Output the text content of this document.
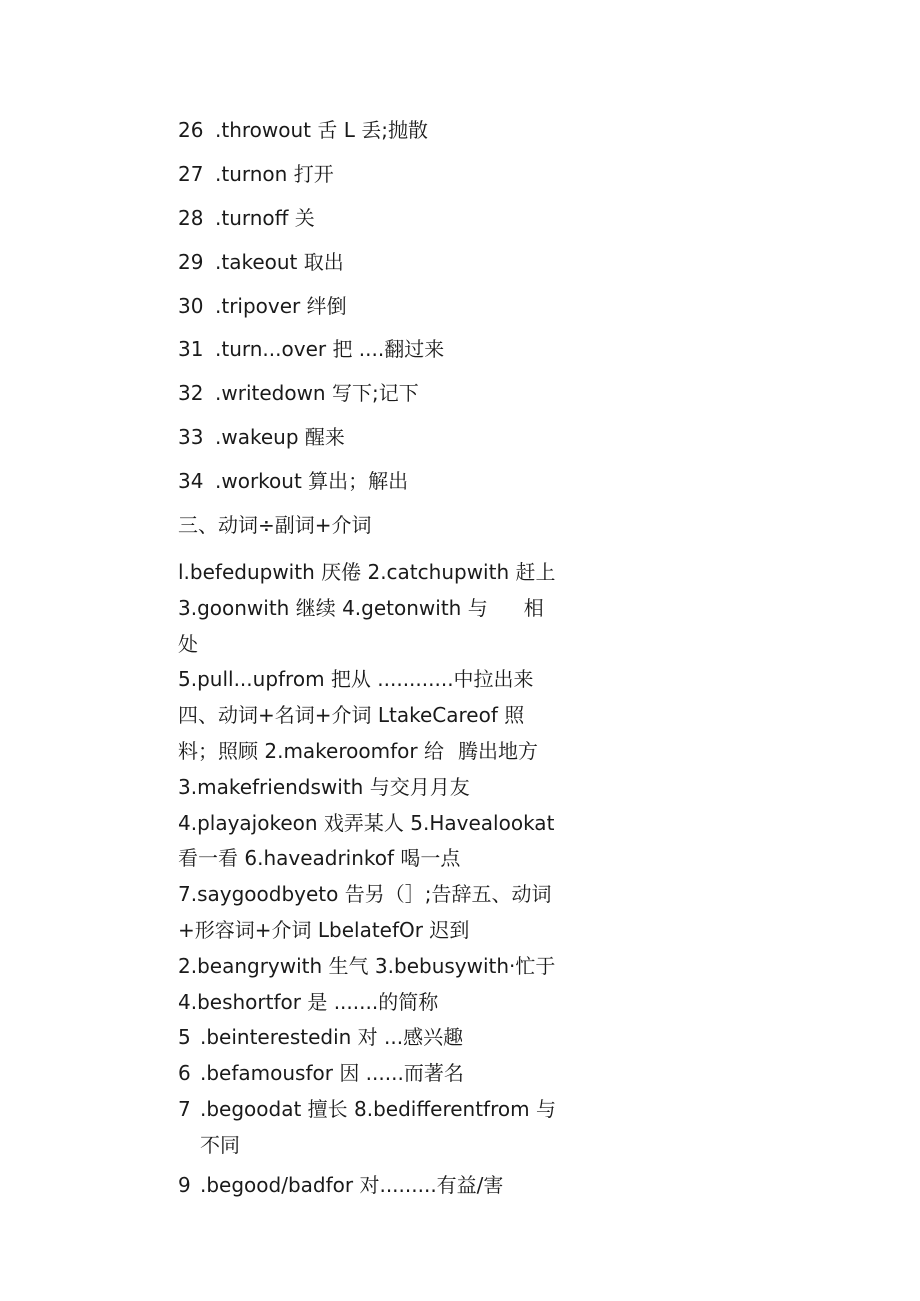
26 .throwout 舌 L 丢;抛散
27 .turnon 打开
28 .turnoff 关
29 .takeout 取出
30 .tripover 绊倒
31 .turn...over 把 ....翻过来
32 .writedown 写下;记下
33 .wakeup 醒来
34 .workout 算出；解出
三、动词÷副词+介词
l.befedupwith 厌倦 2.catchupwith 赶上
3.goonwith 继续 4.getonwith 与 相
处
5.pull...upfrom 把从 ............中拉出来
四、动词+名词+介词 LtakeCareof 照
料；照顾 2.makeroomfor 给 腾出地方
3.makefriendswith 与交月月友
4.playajokeon 戏弄某人 5.Havealookat
看一看 6.haveadrinkof 喝一点
7.saygoodbyeto 告另（］;告辞五、动词
+形容词+介词 LbelatefOr 迟到
2.beangrywith 生气 3.bebusywith·忙于
4.beshortfor 是 .......的简称
5 .beinterestedin 对 ...感兴趣
6 .befamousfor 因 ......而著名
7 .begoodat 擅长 8.bedifferentfrom 与
不同
9 .begood/badfor 对.........有益/害
